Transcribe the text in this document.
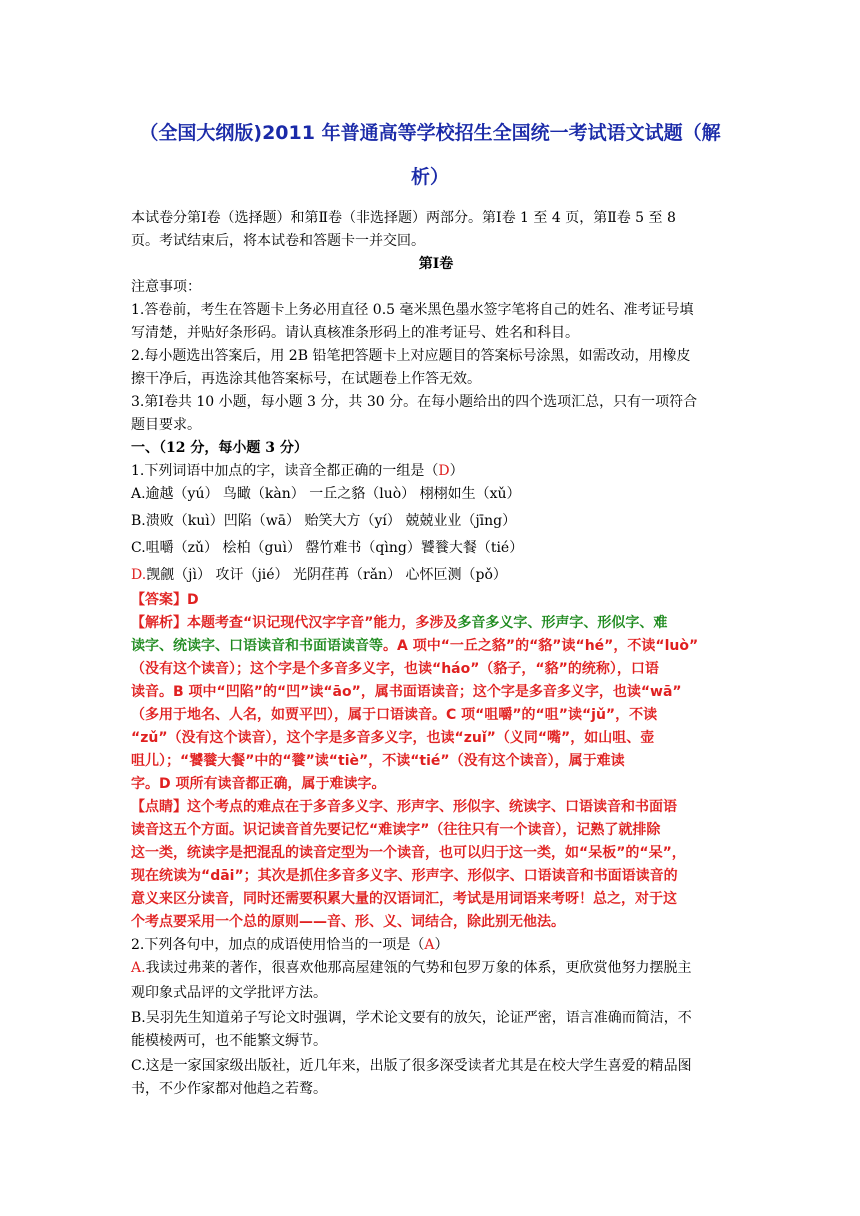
（全国大纲版)2011 年普通高等学校招生全国统一考试语文试题（解
析）
本试卷分第Ⅰ卷（选择题）和第Ⅱ卷（非选择题）两部分。第Ⅰ卷 1 至 4 页，第Ⅱ卷 5 至 8
页。考试结束后，将本试卷和答题卡一并交回。
第Ⅰ卷
注意事项：
1.答卷前，考生在答题卡上务必用直径 0.5 毫米黑色墨水签字笔将自己的姓名、准考证号填
写清楚，并贴好条形码。请认真核准条形码上的准考证号、姓名和科目。
2.每小题选出答案后，用 2B 铅笔把答题卡上对应题目的答案标号涂黑，如需改动，用橡皮
擦干净后，再选涂其他答案标号，在试题卷上作答无效。
3.第Ⅰ卷共 10 小题，每小题 3 分，共 30 分。在每小题给出的四个选项汇总，只有一项符合
题目要求。
一、（12 分，每小题 3 分）
1.下列词语中加点的字，读音全都正确的一组是（D）
A.逾越（yú） 鸟瞰（kàn） 一丘之貉（luò） 栩栩如生（xǔ）
B.溃败（kuì）凹陷（wā） 贻笑大方（yí） 兢兢业业（jīng）
C.咀嚼（zǔ） 桧柏（guì） 罄竹难书（qìng）饕餮大餐（tié）
D.觊觎（jì） 攻讦（jié） 光阴荏苒（rǎn） 心怀叵测（pǒ）
【答案】D
【解析】本题考查“识记现代汉字字音”能力，多涉及多音多义字、形声字、形似字、难
读字、统读字、口语读音和书面语读音等。A 项中“一丘之貉”的“貉”读“hé”，不读“luò”
（没有这个读音）；这个字是个多音多义字，也读“háo”（貉子，“貉”的统称），口语
读音。B 项中“凹陷”的“凹”读“āo”，属书面语读音；这个字是多音多义字，也读“wā”
（多用于地名、人名，如贾平凹），属于口语读音。C 项“咀嚼”的“咀”读“jǔ”，不读
“zǔ”（没有这个读音），这个字是多音多义字，也读“zuǐ”（义同“嘴”，如山咀、壶
咀儿）；“饕餮大餐”中的“餮”读“tiè”，不读“tié”（没有这个读音），属于难读
字。D 项所有读音都正确，属于难读字。
【点睛】这个考点的难点在于多音多义字、形声字、形似字、统读字、口语读音和书面语
读音这五个方面。识记读音首先要记忆“难读字”（往往只有一个读音），记熟了就排除
这一类，统读字是把混乱的读音定型为一个读音，也可以归于这一类，如“呆板”的“呆”，
现在统读为“dāi”；其次是抓住多音多义字、形声字、形似字、口语读音和书面语读音的
意义来区分读音，同时还需要积累大量的汉语词汇，考试是用词语来考呀！总之，对于这
个考点要采用一个总的原则——音、形、义、词结合，除此别无他法。
2.下列各句中，加点的成语使用恰当的一项是（A）
A.我读过弗莱的著作，很喜欢他那高屋建瓴的气势和包罗万象的体系，更欣赏他努力摆脱主
观印象式品评的文学批评方法。
B.吴羽先生知道弟子写论文时强调，学术论文要有的放矢，论证严密，语言准确而简洁，不
能模棱两可，也不能繁文缛节。
C.这是一家国家级出版社，近几年来，出版了很多深受读者尤其是在校大学生喜爱的精品图
书，不少作家都对他趋之若鹜。
